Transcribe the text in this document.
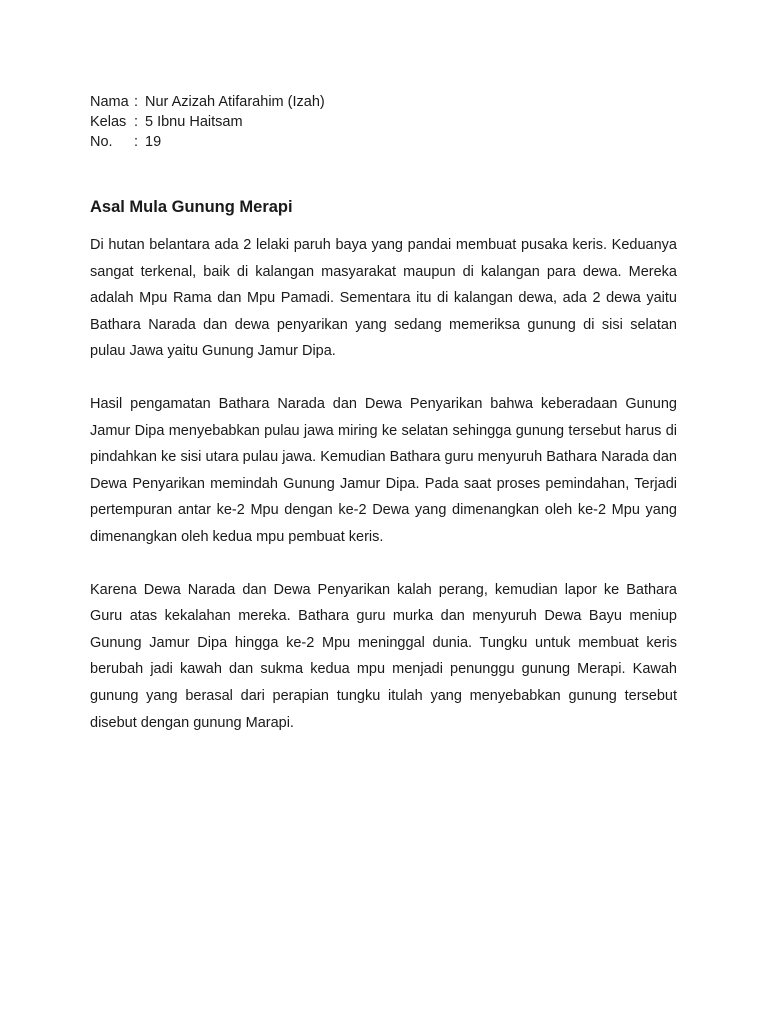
Nama : Nur Azizah Atifarahim (Izah)
Kelas : 5 Ibnu Haitsam
No.	: 19
Asal Mula Gunung Merapi

Di hutan belantara ada 2 lelaki paruh baya yang pandai membuat pusaka keris. Keduanya sangat terkenal, baik di kalangan masyarakat maupun di kalangan para dewa. Mereka adalah Mpu Rama dan Mpu Pamadi. Sementara itu di kalangan dewa, ada 2 dewa yaitu Bathara Narada dan dewa penyarikan yang sedang memeriksa gunung di sisi selatan pulau Jawa yaitu Gunung Jamur Dipa.

Hasil pengamatan Bathara Narada dan Dewa Penyarikan bahwa keberadaan Gunung Jamur Dipa menyebabkan pulau jawa miring ke selatan sehingga gunung tersebut harus di pindahkan ke sisi utara pulau jawa. Kemudian Bathara guru menyuruh Bathara Narada dan Dewa Penyarikan memindah Gunung Jamur Dipa. Pada saat proses pemindahan, Terjadi pertempuran antar ke-2 Mpu dengan ke-2 Dewa yang dimenangkan oleh ke-2 Mpu yang dimenangkan oleh kedua mpu pembuat keris.

Karena Dewa Narada dan Dewa Penyarikan kalah perang, kemudian lapor ke Bathara Guru atas kekalahan mereka. Bathara guru murka dan menyuruh Dewa Bayu meniup Gunung Jamur Dipa hingga ke-2 Mpu meninggal dunia. Tungku untuk membuat keris berubah jadi kawah dan sukma kedua mpu menjadi penunggu gunung Merapi. Kawah gunung yang berasal dari perapian tungku itulah yang menyebabkan gunung tersebut disebut dengan gunung Marapi.
